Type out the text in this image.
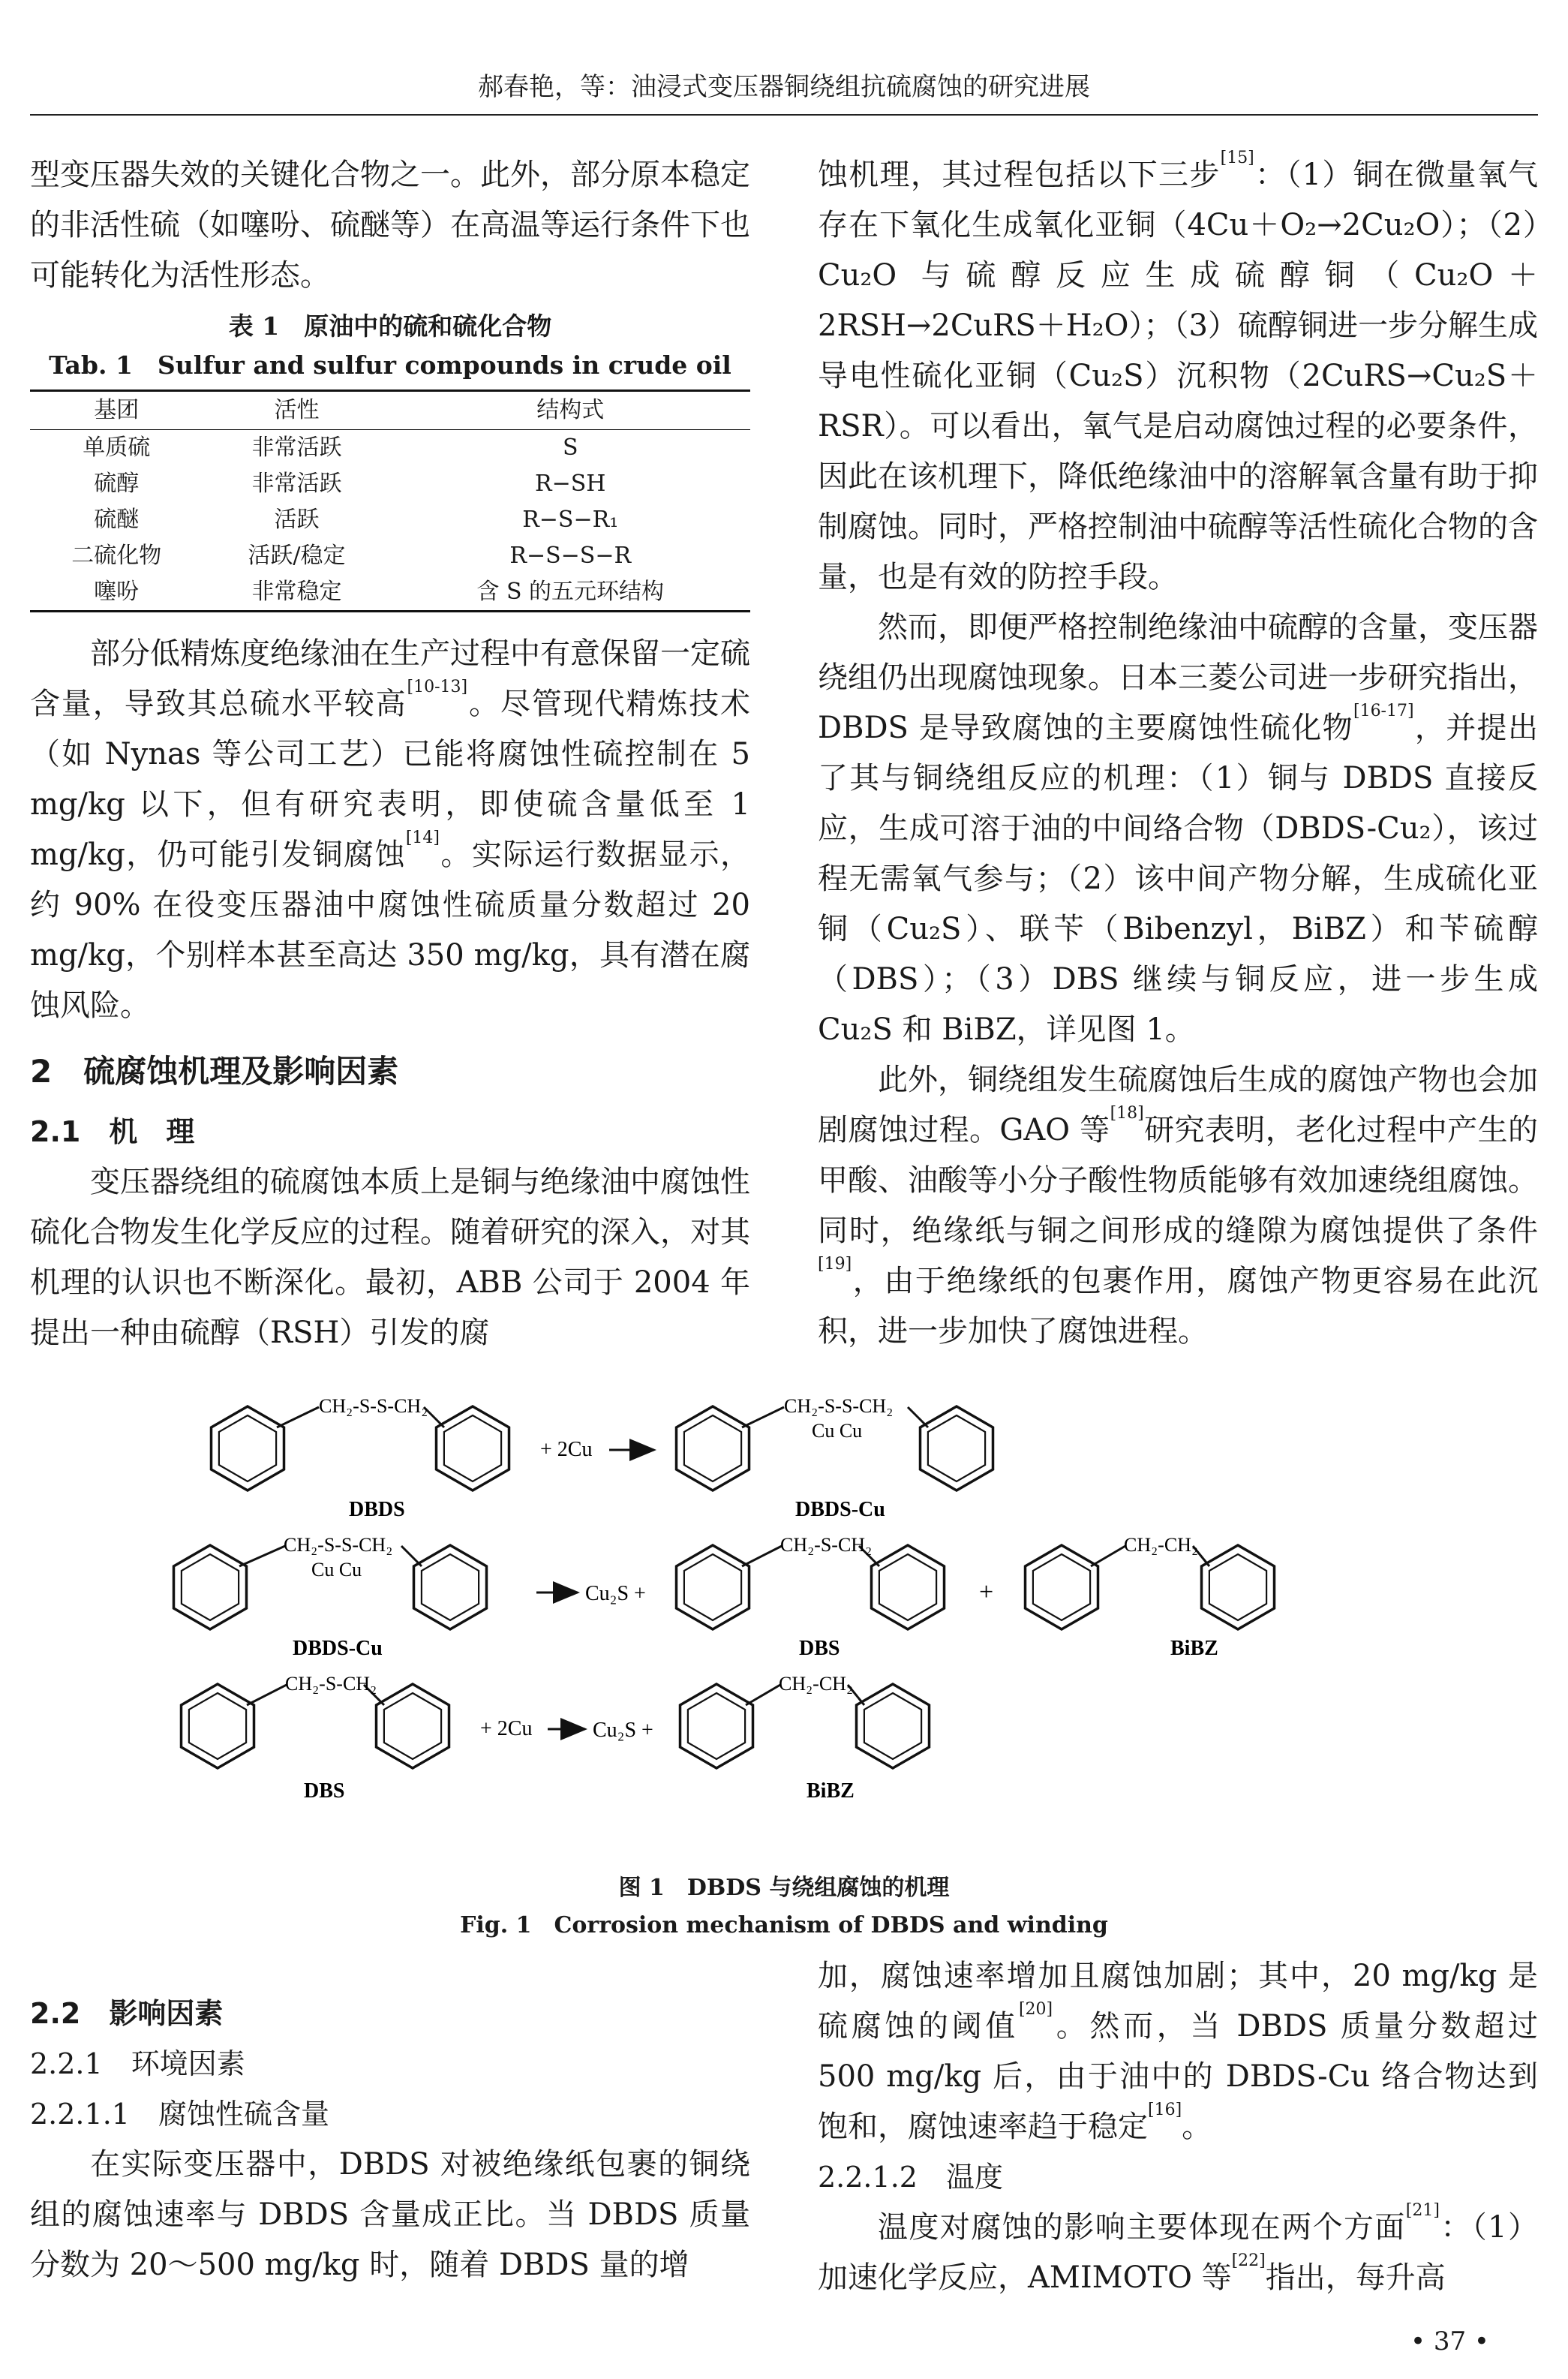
郝春艳，等：油浸式变压器铜绕组抗硫腐蚀的研究进展

型变压器失效的关键化合物之一。此外，部分原本稳定的非活性硫（如噻吩、硫醚等）在高温等运行条件下也可能转化为活性形态。

表 1　原油中的硫和硫化合物
Tab. 1　Sulfur and sulfur compounds in crude oil
基团	活性	结构式
单质硫	非常活跃	S
硫醇	非常活跃	R−SH
硫醚	活跃	R−S−R₁
二硫化物	活跃/稳定	R−S−S−R
噻吩	非常稳定	含 S 的五元环结构

部分低精炼度绝缘油在生产过程中有意保留一定硫含量，导致其总硫水平较高[10-13]。尽管现代精炼技术（如 Nynas 等公司工艺）已能将腐蚀性硫控制在 5 mg/kg 以下，但有研究表明，即使硫含量低至 1 mg/kg，仍可能引发铜腐蚀[14]。实际运行数据显示，约 90% 在役变压器油中腐蚀性硫质量分数超过 20 mg/kg，个别样本甚至高达 350 mg/kg，具有潜在腐蚀风险。

2　硫腐蚀机理及影响因素
2.1　机　理

变压器绕组的硫腐蚀本质上是铜与绝缘油中腐蚀性硫化合物发生化学反应的过程。随着研究的深入，对其机理的认识也不断深化。最初，ABB 公司于 2004 年提出一种由硫醇（RSH）引发的腐

蚀机理，其过程包括以下三步[15]：（1）铜在微量氧气存在下氧化生成氧化亚铜（4Cu＋O₂→2Cu₂O）；（2）Cu₂O 与硫醇反应生成硫醇铜（Cu₂O＋2RSH→2CuRS＋H₂O）；（3）硫醇铜进一步分解生成导电性硫化亚铜（Cu₂S）沉积物（2CuRS→Cu₂S＋RSR）。可以看出，氧气是启动腐蚀过程的必要条件，因此在该机理下，降低绝缘油中的溶解氧含量有助于抑制腐蚀。同时，严格控制油中硫醇等活性硫化合物的含量，也是有效的防控手段。

然而，即便严格控制绝缘油中硫醇的含量，变压器绕组仍出现腐蚀现象。日本三菱公司进一步研究指出，DBDS 是导致腐蚀的主要腐蚀性硫化物[16-17]，并提出了其与铜绕组反应的机理：（1）铜与 DBDS 直接反应，生成可溶于油的中间络合物（DBDS-Cu₂），该过程无需氧气参与；（2）该中间产物分解，生成硫化亚铜（Cu₂S）、联苄（Bibenzyl，BiBZ）和苄硫醇（DBS）；（3）DBS 继续与铜反应，进一步生成 Cu₂S 和 BiBZ，详见图 1。

此外，铜绕组发生硫腐蚀后生成的腐蚀产物也会加剧腐蚀过程。GAO 等[18]研究表明，老化过程中产生的甲酸、油酸等小分子酸性物质能够有效加速绕组腐蚀。同时，绝缘纸与铜之间形成的缝隙为腐蚀提供了条件[19]，由于绝缘纸的包裹作用，腐蚀产物更容易在此沉积，进一步加快了腐蚀进程。

CH₂-S-S-CH₂
DBDS
+ 2Cu
CH₂-S-S-CH₂
Cu Cu
DBDS-Cu
CH₂-S-S-CH₂
Cu Cu
DBDS-Cu
Cu₂S +
CH₂-S-CH₂
DBS
+
CH₂-CH₂
BiBZ
CH₂-S-CH₂
DBS
+ 2Cu	Cu₂S +
CH₂-CH₂
BiBZ
图 1　DBDS 与绕组腐蚀的机理
Fig. 1　Corrosion mechanism of DBDS and winding
2.2　影响因素
2.2.1　环境因素
2.2.1.1　腐蚀性硫含量

在实际变压器中，DBDS 对被绝缘纸包裹的铜绕组的腐蚀速率与 DBDS 含量成正比。当 DBDS 质量分数为 20～500 mg/kg 时，随着 DBDS 量的增

加，腐蚀速率增加且腐蚀加剧；其中，20 mg/kg 是硫腐蚀的阈值[20]。然而，当 DBDS 质量分数超过 500 mg/kg 后，由于油中的 DBDS-Cu 络合物达到饱和，腐蚀速率趋于稳定[16]。

2.2.1.2　温度

温度对腐蚀的影响主要体现在两个方面[21]：（1）加速化学反应，AMIMOTO 等[22]指出，每升高

• 37 •
